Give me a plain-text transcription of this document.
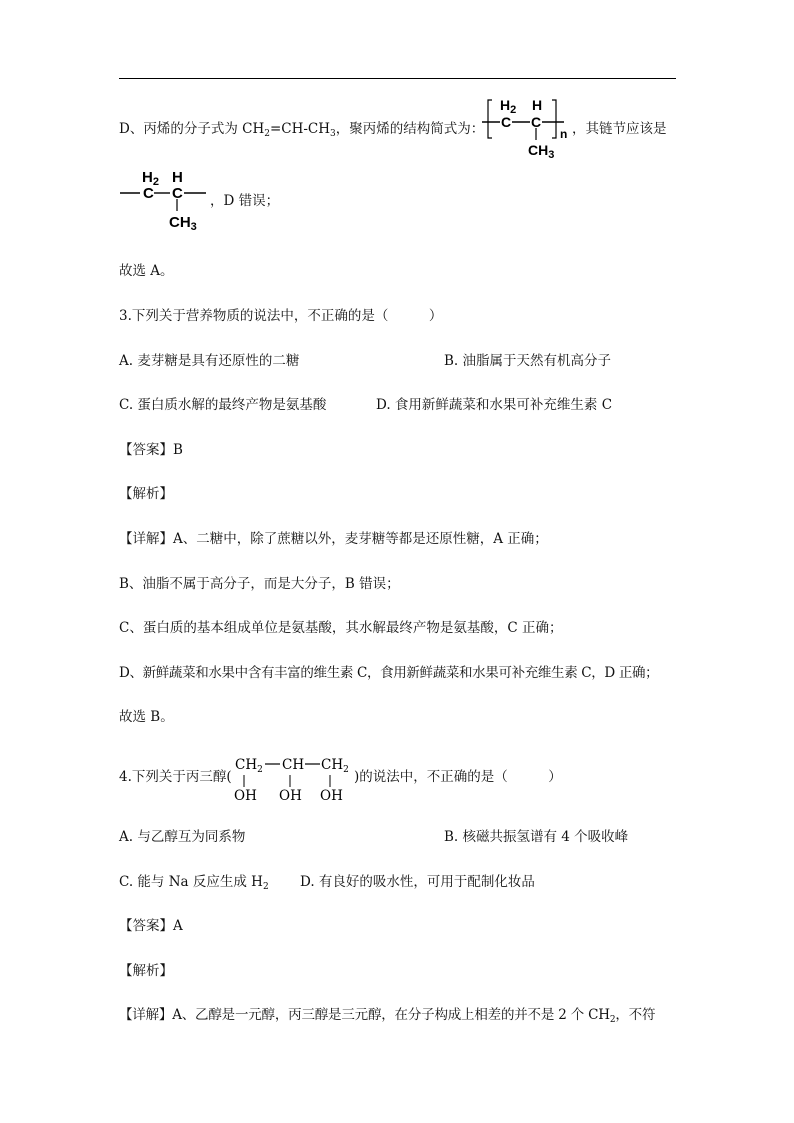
D、丙烯的分子式为 $CH_2=CH-CH_3$，聚丙烯的结构简式为：
$H_2$ H
C C
$CH_3$
n ，其链节应该是
$H_2$ H
C C
$CH_3$
，D 错误；
故选 A。
3.下列关于营养物质的说法中，不正确的是（　　　）
A. 麦芽糖是具有还原性的二糖	B. 油脂属于天然有机高分子
C. 蛋白质水解的最终产物是氨基酸	D. 食用新鲜蔬菜和水果可补充维生素 C
【答案】B
【解析】
【详解】A、二糖中，除了蔗糖以外，麦芽糖等都是还原性糖，A 正确；
B、油脂不属于高分子，而是大分子，B 错误；
C、蛋白质的基本组成单位是氨基酸，其水解最终产物是氨基酸，C 正确；
D、新鲜蔬菜和水果中含有丰富的维生素 C，食用新鲜蔬菜和水果可补充维生素 C，D 正确；
故选 B。
4.下列关于丙三醇(
$CH_2$ CH $CH_2$
OH OH OH
)的说法中，不正确的是（　　　）
A. 与乙醇互为同系物	B. 核磁共振氢谱有 4 个吸收峰
C. 能与 Na 反应生成 $H_2$ D. 有良好的吸水性，可用于配制化妆品
【答案】A
【解析】
【详解】A、乙醇是一元醇，丙三醇是三元醇，在分子构成上相差的并不是 2 个 $CH_2$，不符
